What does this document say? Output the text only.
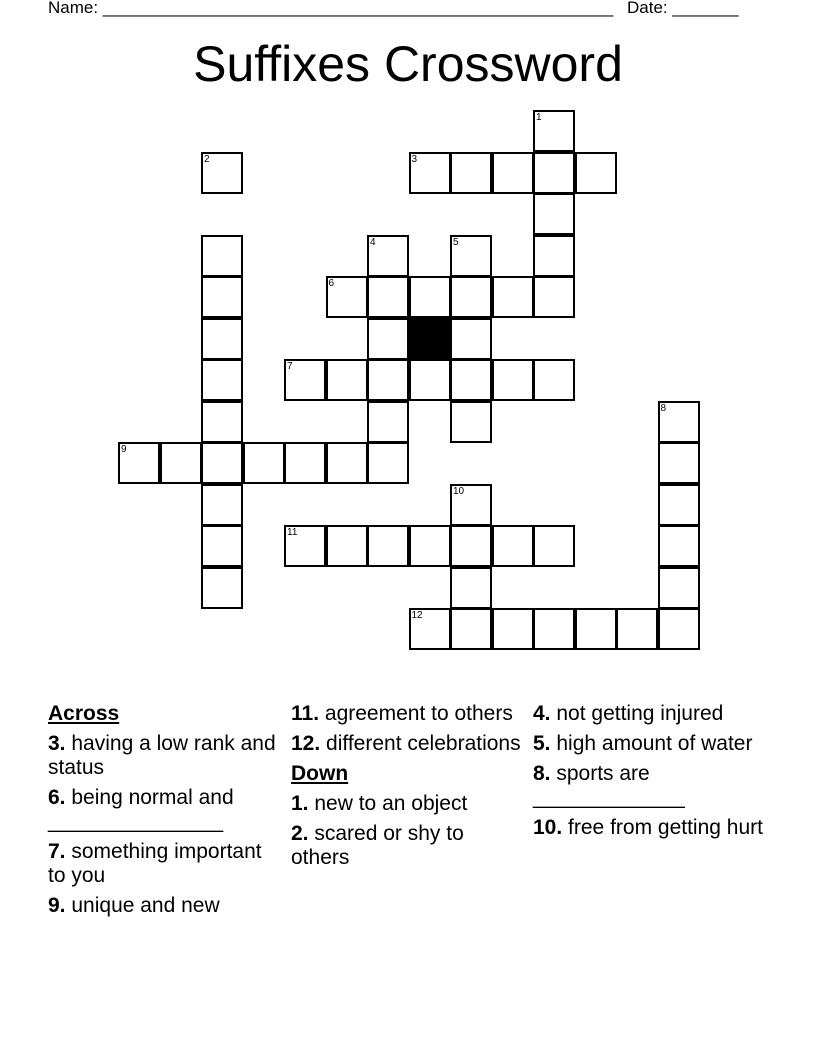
Name: ______________________________________________________ Date: _______
Suffixes Crossword
1
2	3
4	5
6
7
8
9
10
11
12
Across
3. having a low rank and status
6. being normal and _______________
7. something important to you
9. unique and new
11. agreement to others
12. different celebrations
Down
1. new to an object
2. scared or shy to others
4. not getting injured
5. high amount of water
8. sports are _____________
10. free from getting hurt
